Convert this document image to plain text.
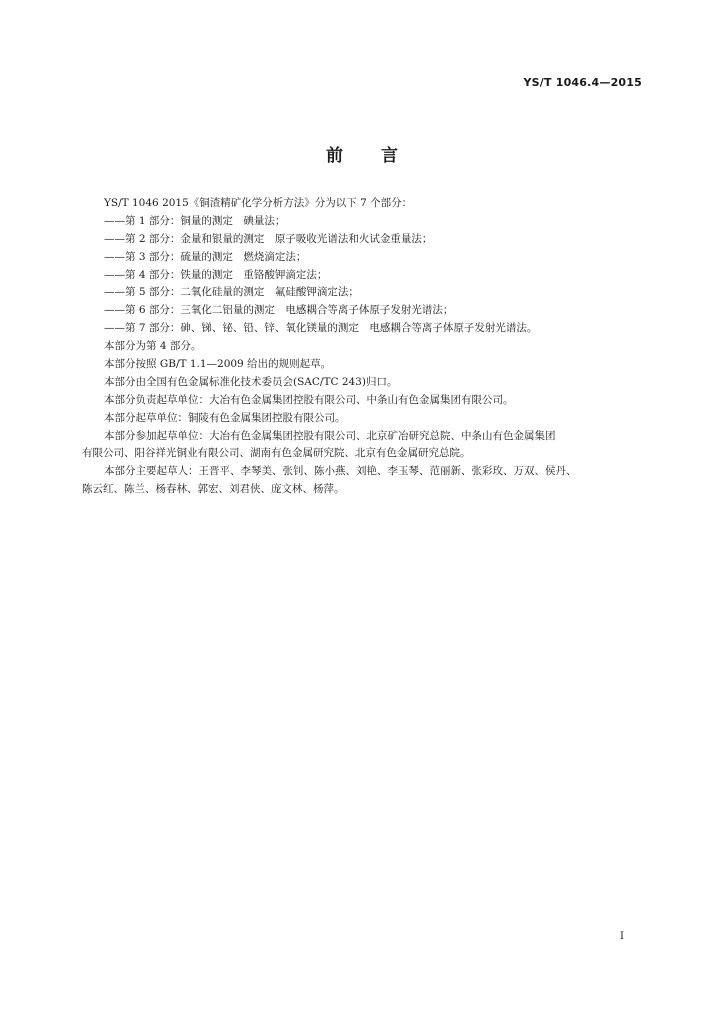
YS/T 1046.4—2015
前言
YS/T 1046 2015《铜渣精矿化学分析方法》分为以下 7 个部分：
——第 1 部分：铜量的测定　碘量法；
——第 2 部分：金量和银量的测定　原子吸收光谱法和火试金重量法；
——第 3 部分：硫量的测定　燃烧滴定法；
——第 4 部分：铁量的测定　重铬酸钾滴定法；
——第 5 部分：二氧化硅量的测定　氟硅酸钾滴定法；
——第 6 部分：三氧化二铝量的测定　电感耦合等离子体原子发射光谱法；
——第 7 部分：砷、锑、铋、铅、锌、氧化镁量的测定　电感耦合等离子体原子发射光谱法。
本部分为第 4 部分。
本部分按照 GB/T 1.1—2009 给出的规则起草。
本部分由全国有色金属标准化技术委员会(SAC/TC 243)归口。
本部分负责起草单位：大冶有色金属集团控股有限公司、中条山有色金属集团有限公司。
本部分起草单位：铜陵有色金属集团控股有限公司。
本部分参加起草单位：大冶有色金属集团控股有限公司、北京矿冶研究总院、中条山有色金属集团
有限公司、阳谷祥光铜业有限公司、湖南有色金属研究院、北京有色金属研究总院。
本部分主要起草人：王晋平、李琴美、张钊、陈小燕、刘艳、李玉琴、范丽新、张彩玫、万双、侯丹、
陈云红、陈兰、杨春林、郭宏、刘君侠、庞文林、杨萍。
I
